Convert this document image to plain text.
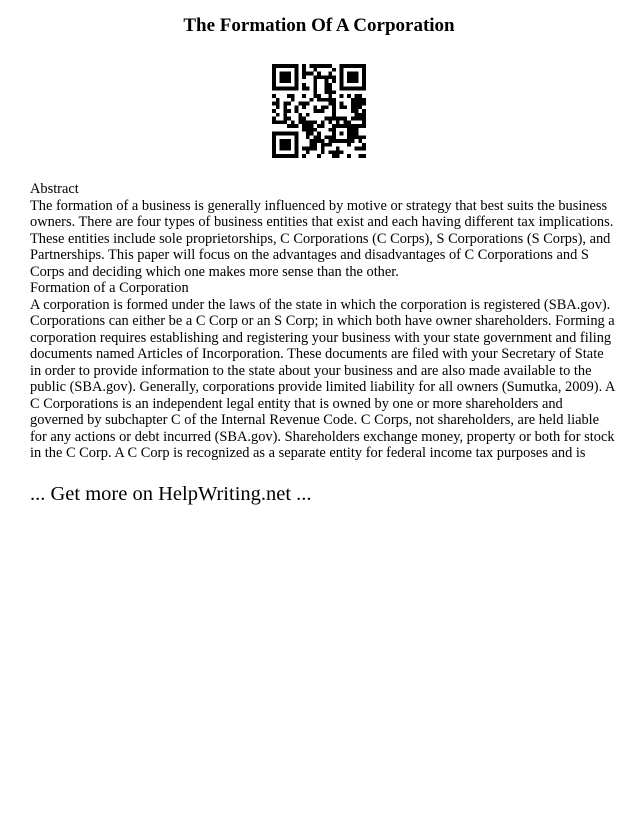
The Formation Of A Corporation

Abstract

The formation of a business is generally influenced by motive or strategy that best suits the business owners. There are four types of business entities that exist and each having different tax implications. These entities include sole proprietorships, C Corporations (C Corps), S Corporations (S Corps), and Partnerships. This paper will focus on the advantages and disadvantages of C Corporations and S Corps and deciding which one makes more sense than the other.

Formation of a Corporation

A corporation is formed under the laws of the state in which the corporation is registered (SBA.gov). Corporations can either be a C Corp or an S Corp; in which both have owner shareholders. Forming a corporation requires establishing and registering your business with your state government and filing documents named Articles of Incorporation. These documents are filed with your Secretary of State in order to provide information to the state about your business and are also made available to the public (SBA.gov). Generally, corporations provide limited liability for all owners (Sumutka, 2009). A C Corporations is an independent legal entity that is owned by one or more shareholders and governed by subchapter C of the Internal Revenue Code. C Corps, not shareholders, are held liable for any actions or debt incurred (SBA.gov). Shareholders exchange money, property or both for stock in the C Corp. A C Corp is recognized as a separate entity for federal income tax purposes and is

... Get more on HelpWriting.net ...
